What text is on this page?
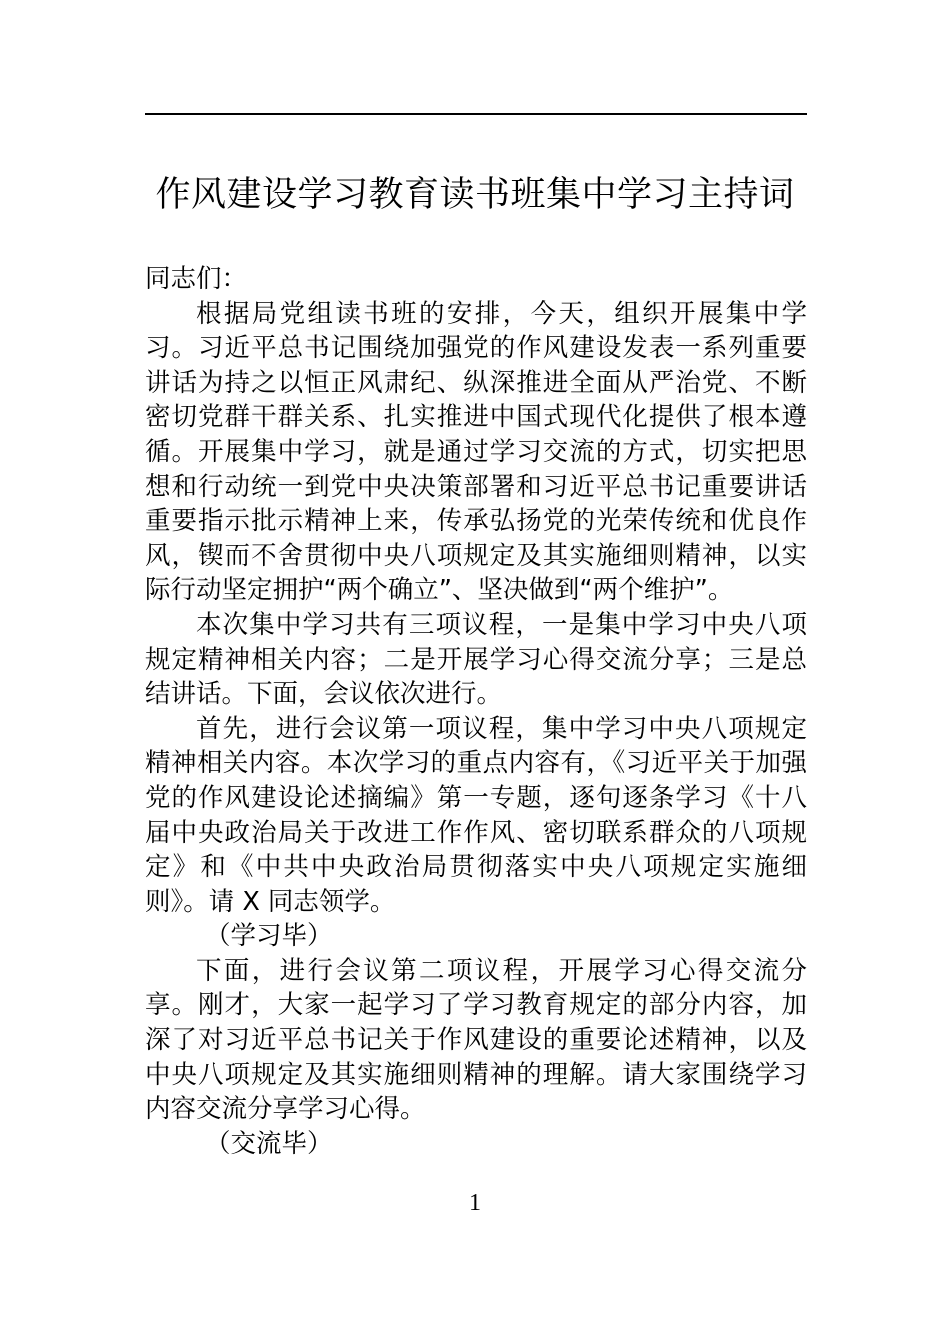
作风建设学习教育读书班集中学习主持词

同志们：

根据局党组读书班的安排，今天，组织开展集中学习。习近平总书记围绕加强党的作风建设发表一系列重要讲话为持之以恒正风肃纪、纵深推进全面从严治党、不断密切党群干群关系、扎实推进中国式现代化提供了根本遵循。开展集中学习，就是通过学习交流的方式，切实把思想和行动统一到党中央决策部署和习近平总书记重要讲话重要指示批示精神上来，传承弘扬党的光荣传统和优良作风，锲而不舍贯彻中央八项规定及其实施细则精神，以实际行动坚定拥护“两个确立”、坚决做到“两个维护”。

本次集中学习共有三项议程，一是集中学习中央八项规定精神相关内容；二是开展学习心得交流分享；三是总结讲话。下面，会议依次进行。

首先，进行会议第一项议程，集中学习中央八项规定精神相关内容。本次学习的重点内容有，《习近平关于加强党的作风建设论述摘编》第一专题，逐句逐条学习《十八届中央政治局关于改进工作作风、密切联系群众的八项规定》和《中共中央政治局贯彻落实中央八项规定实施细则》。请 X 同志领学。

（学习毕）

下面，进行会议第二项议程，开展学习心得交流分享。刚才，大家一起学习了学习教育规定的部分内容，加深了对习近平总书记关于作风建设的重要论述精神，以及中央八项规定及其实施细则精神的理解。请大家围绕学习内容交流分享学习心得。

（交流毕）

1
